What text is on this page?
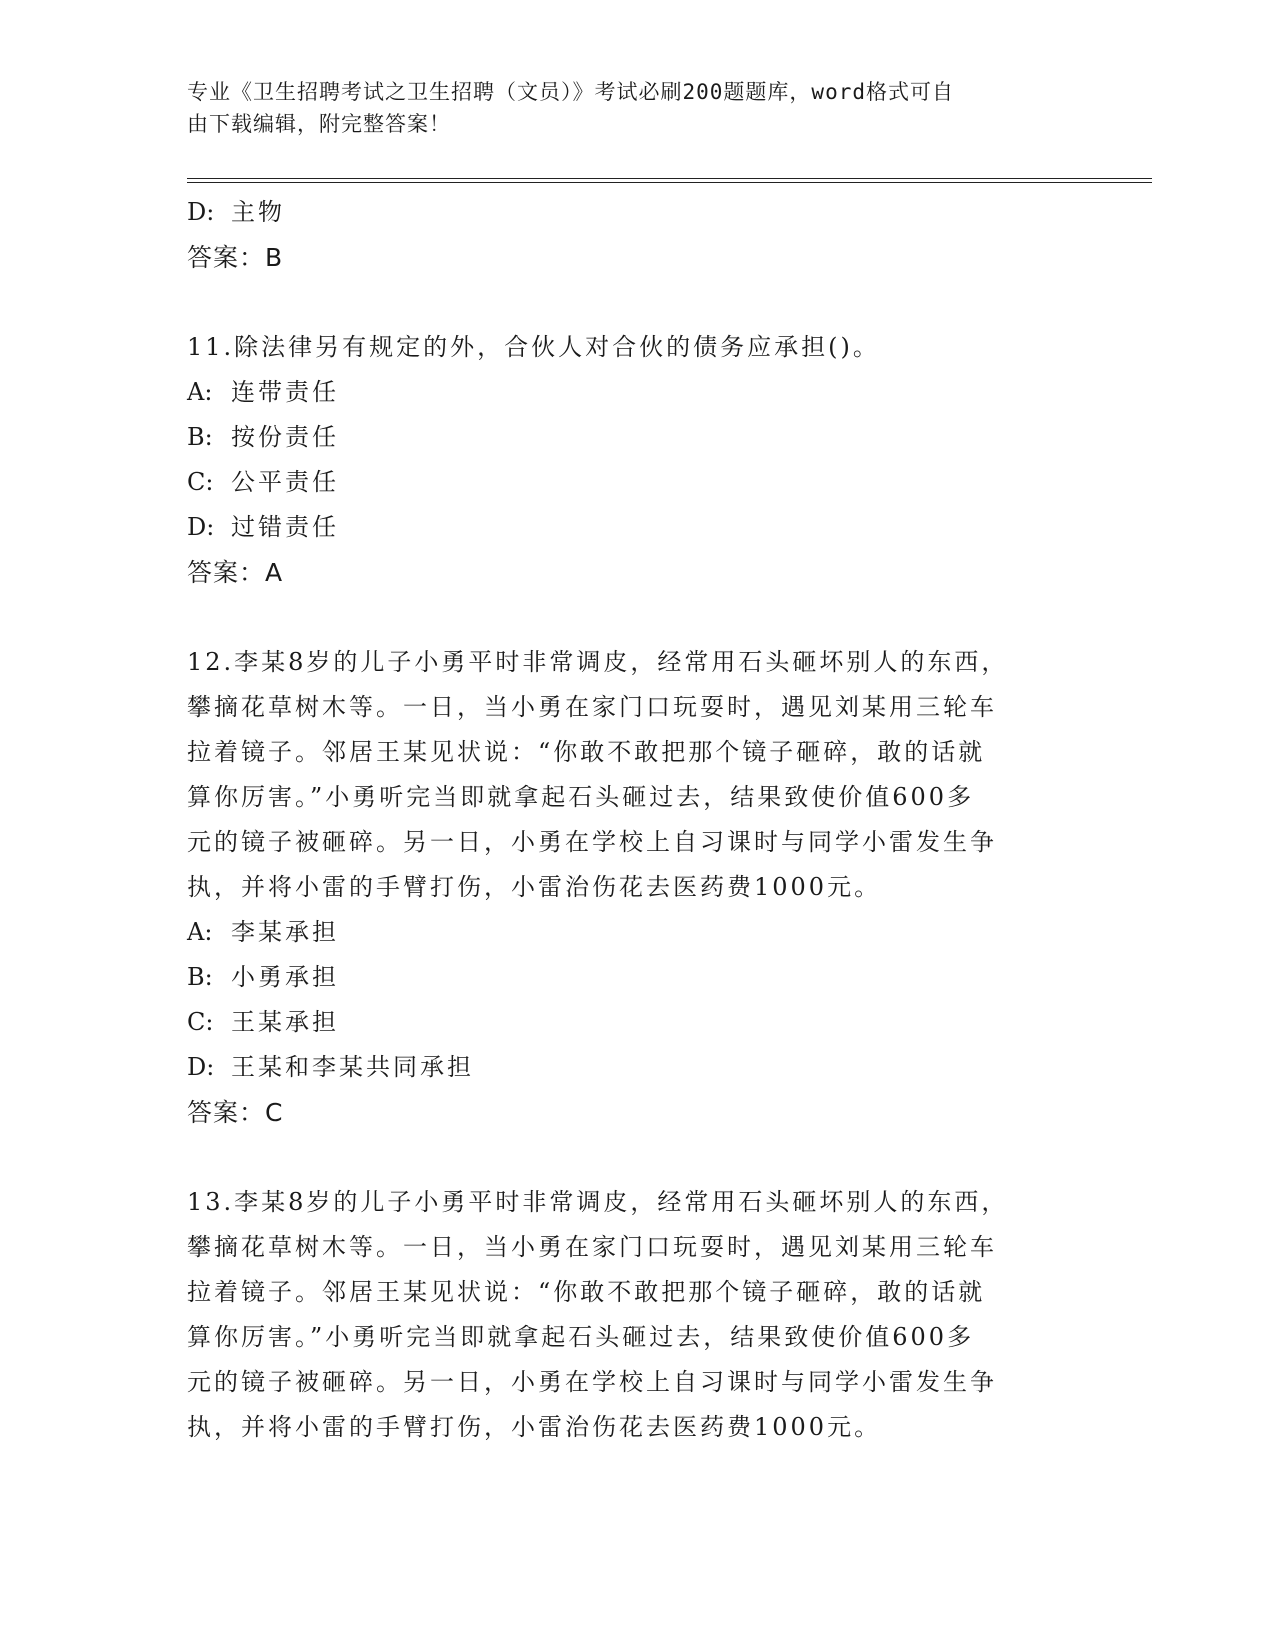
专业《卫生招聘考试之卫生招聘（文员）》考试必刷200题题库，word格式可自
由下载编辑，附完整答案！
D: 主物
答案：B
11.除法律另有规定的外，合伙人对合伙的债务应承担()。
A: 连带责任
B: 按份责任
C: 公平责任
D: 过错责任
答案：A
12.李某8岁的儿子小勇平时非常调皮，经常用石头砸坏别人的东西，
攀摘花草树木等。一日，当小勇在家门口玩耍时，遇见刘某用三轮车
拉着镜子。邻居王某见状说：“你敢不敢把那个镜子砸碎，敢的话就
算你厉害。”小勇听完当即就拿起石头砸过去，结果致使价值600多
元的镜子被砸碎。另一日，小勇在学校上自习课时与同学小雷发生争
执，并将小雷的手臂打伤，小雷治伤花去医药费1000元。
A: 李某承担
B: 小勇承担
C: 王某承担
D: 王某和李某共同承担
答案：C
13.李某8岁的儿子小勇平时非常调皮，经常用石头砸坏别人的东西，
攀摘花草树木等。一日，当小勇在家门口玩耍时，遇见刘某用三轮车
拉着镜子。邻居王某见状说：“你敢不敢把那个镜子砸碎，敢的话就
算你厉害。”小勇听完当即就拿起石头砸过去，结果致使价值600多
元的镜子被砸碎。另一日，小勇在学校上自习课时与同学小雷发生争
执，并将小雷的手臂打伤，小雷治伤花去医药费1000元。
